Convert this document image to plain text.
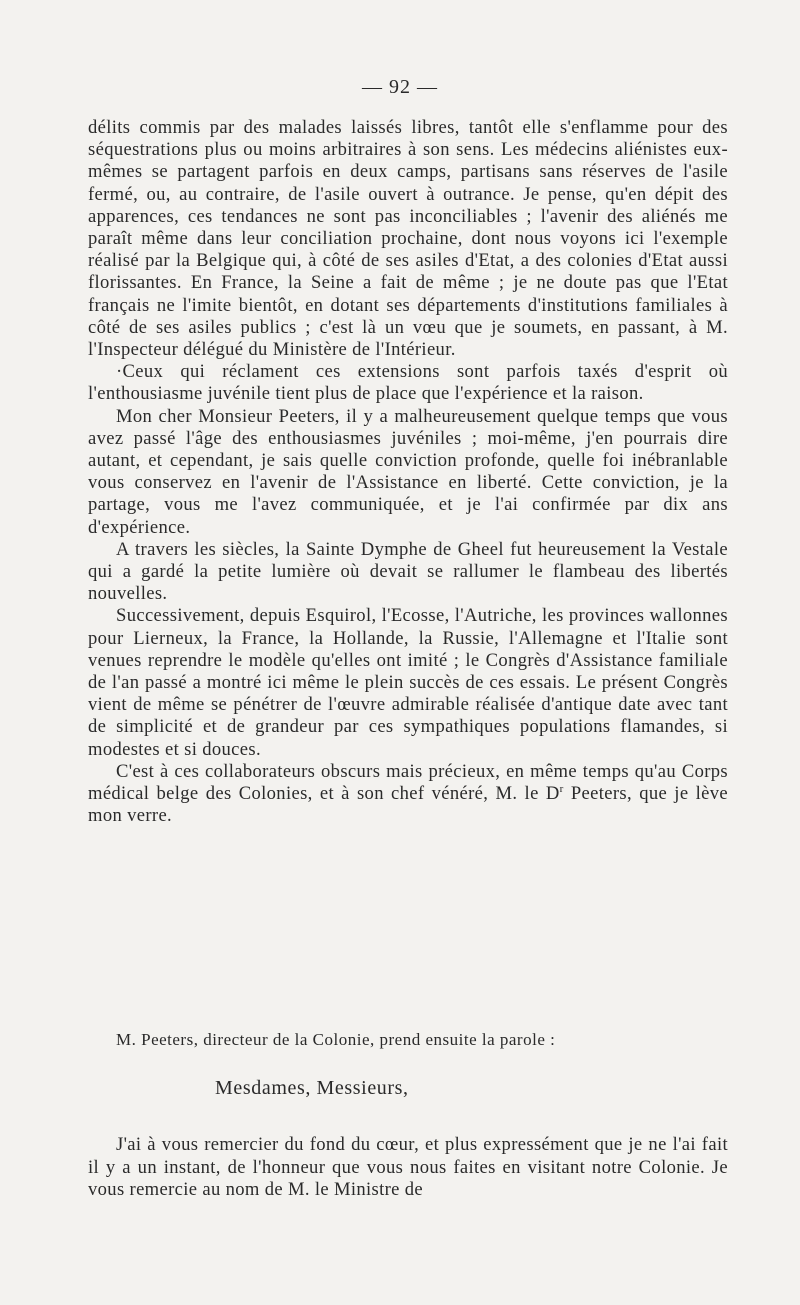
— 92 —

délits commis par des malades laissés libres, tantôt elle s'enflamme pour des séquestrations plus ou moins arbitraires à son sens. Les médecins aliénistes eux-mêmes se partagent parfois en deux camps, partisans sans réserves de l'asile fermé, ou, au contraire, de l'asile ouvert à outrance. Je pense, qu'en dépit des apparences, ces tendances ne sont pas inconciliables ; l'avenir des aliénés me paraît même dans leur conciliation prochaine, dont nous voyons ici l'exemple réalisé par la Belgique qui, à côté de ses asiles d'Etat, a des colonies d'Etat aussi florissantes. En France, la Seine a fait de même ; je ne doute pas que l'Etat français ne l'imite bientôt, en dotant ses départements d'institutions familiales à côté de ses asiles publics ; c'est là un vœu que je soumets, en passant, à M. l'Inspecteur délégué du Ministère de l'Intérieur.

·Ceux qui réclament ces extensions sont parfois taxés d'esprit où l'enthousiasme juvénile tient plus de place que l'expérience et la raison.

Mon cher Monsieur Peeters, il y a malheureusement quelque temps que vous avez passé l'âge des enthousiasmes juvéniles ; moi-même, j'en pourrais dire autant, et cependant, je sais quelle conviction profonde, quelle foi inébranlable vous conservez en l'avenir de l'Assistance en liberté. Cette conviction, je la partage, vous me l'avez communiquée, et je l'ai confirmée par dix ans d'expérience.

A travers les siècles, la Sainte Dymphe de Gheel fut heureusement la Vestale qui a gardé la petite lumière où devait se rallumer le flambeau des libertés nouvelles.

Successivement, depuis Esquirol, l'Ecosse, l'Autriche, les provinces wallonnes pour Lierneux, la France, la Hollande, la Russie, l'Allemagne et l'Italie sont venues reprendre le modèle qu'elles ont imité ; le Congrès d'Assistance familiale de l'an passé a montré ici même le plein succès de ces essais. Le présent Congrès vient de même se pénétrer de l'œuvre admirable réalisée d'antique date avec tant de simplicité et de grandeur par ces sympathiques populations flamandes, si modestes et si douces.

C'est à ces collaborateurs obscurs mais précieux, en même temps qu'au Corps médical belge des Colonies, et à son chef vénéré, M. le $D^r$ Peeters, que je lève mon verre.

M. Peeters, directeur de la Colonie, prend ensuite la parole :
Mesdames, Messieurs,

J'ai à vous remercier du fond du cœur, et plus expressément que je ne l'ai fait il y a un instant, de l'honneur que vous nous faites en visitant notre Colonie. Je vous remercie au nom de M. le Ministre de
